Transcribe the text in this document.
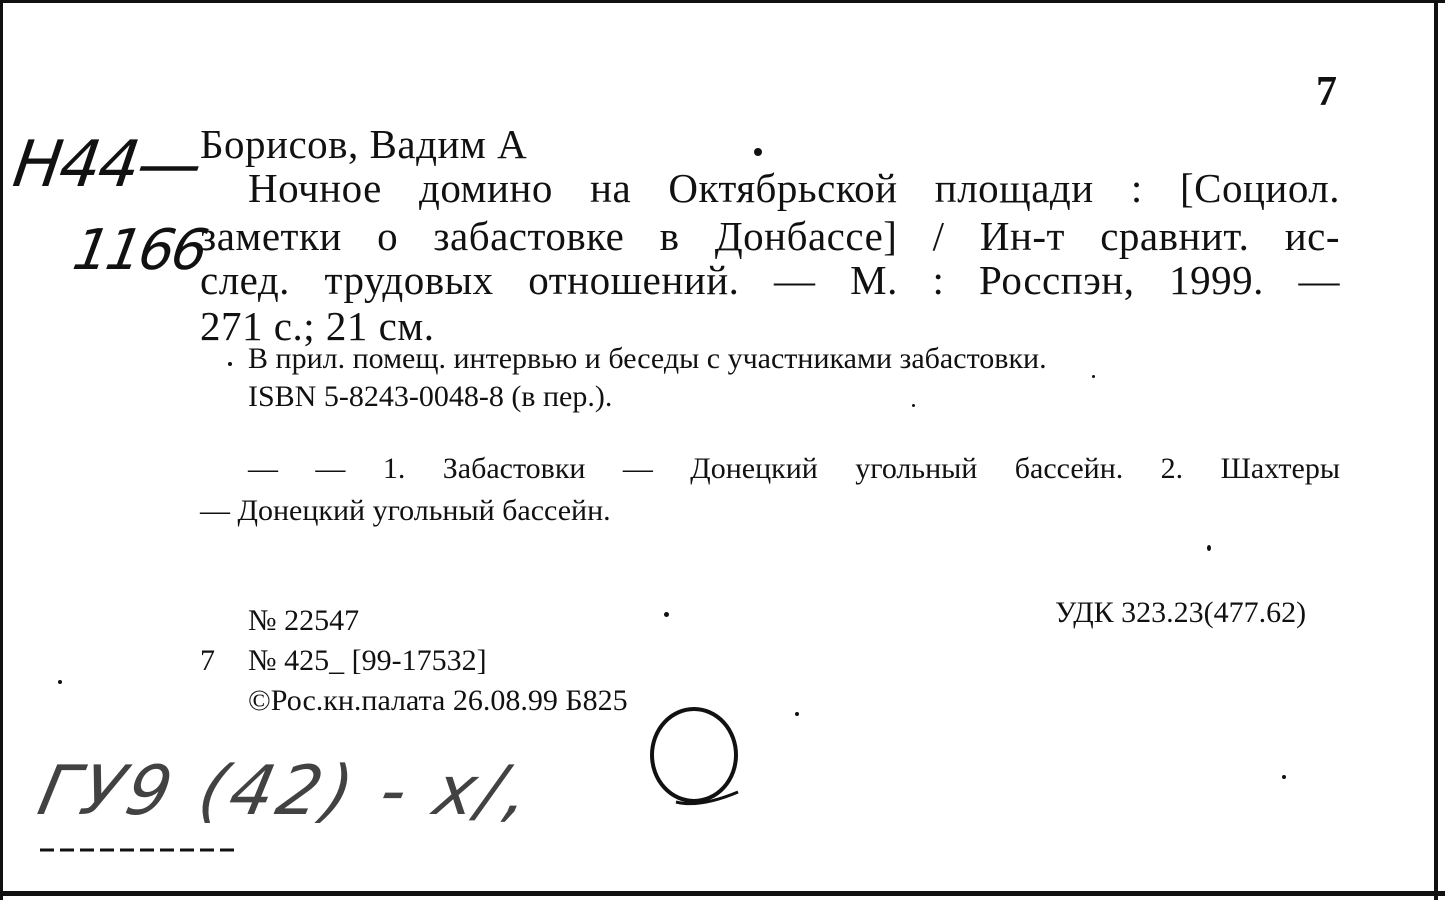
7
Н44—
1166
Борисов, Вадим А
Ночное домино на Октябрьской площади : [Социол.
заметки о забастовке в Донбассе] / Ин-т сравнит. ис-
след. трудовых отношений. — М. : Росспэн, 1999. —
271 с.; 21 см.
В прил. помещ. интервью и беседы с участниками забастовки.
ISBN 5-8243-0048-8 (в пер.).
— — 1. Забастовки — Донецкий угольный бассейн. 2. Шахтеры
— Донецкий угольный бассейн.
№ 22547	УДК 323.23(477.62)
7 № 425_ [99-17532]
©Рос.кн.палата 26.08.99 Б825
ГУ9 (42) - х/,
